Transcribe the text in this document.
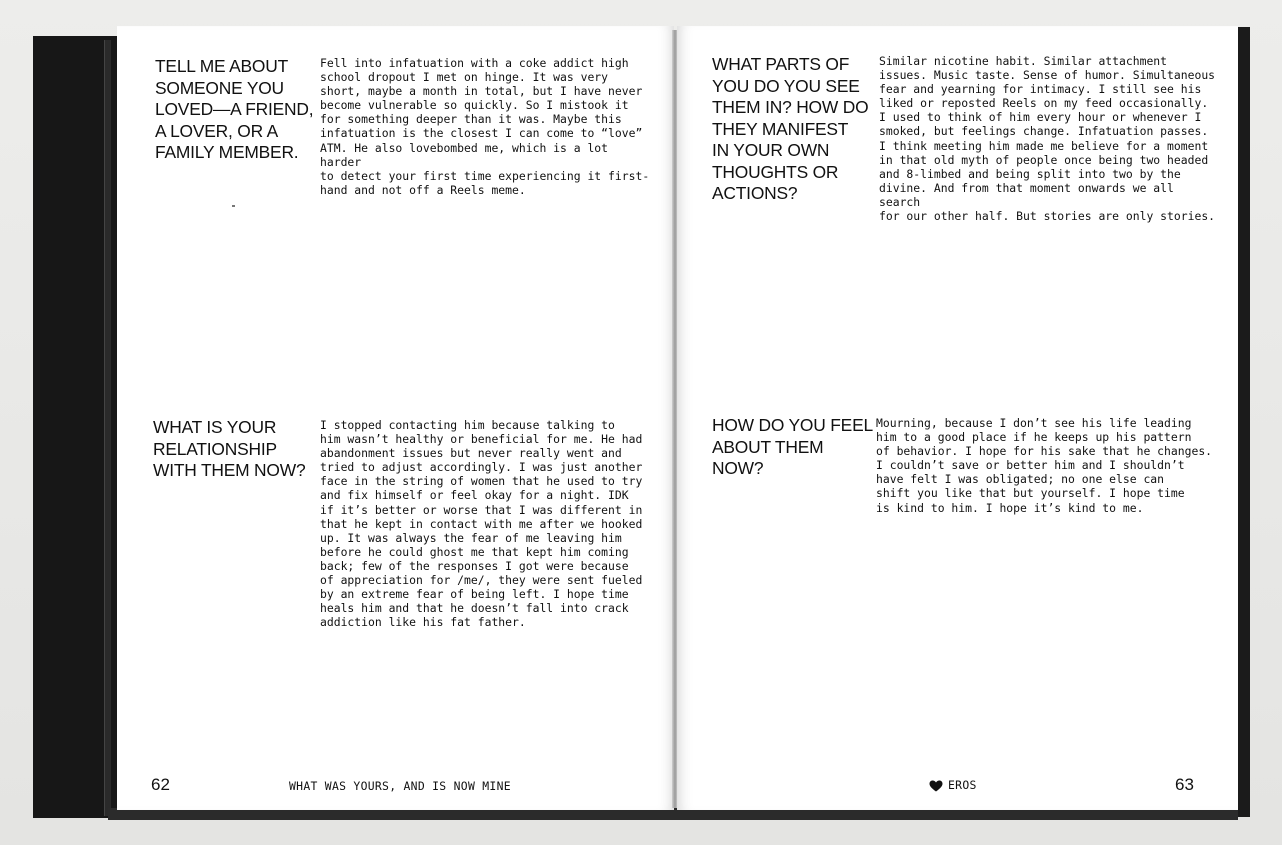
TELL ME ABOUT
SOMEONE YOU
LOVED—A FRIEND,
A LOVER, OR A
FAMILY MEMBER.
Fell into infatuation with a coke addict high
school dropout I met on hinge. It was very
short, maybe a month in total, but I have never
become vulnerable so quickly. So I mistook it
for something deeper than it was. Maybe this
infatuation is the closest I can come to “love”
ATM. He also lovebombed me, which is a lot harder
to detect your first time experiencing it first-
hand and not off a Reels meme.
WHAT IS YOUR
RELATIONSHIP
WITH THEM NOW?
I stopped contacting him because talking to
him wasn’t healthy or beneficial for me. He had
abandonment issues but never really went and
tried to adjust accordingly. I was just another
face in the string of women that he used to try
and fix himself or feel okay for a night. IDK
if it’s better or worse that I was different in
that he kept in contact with me after we hooked
up. It was always the fear of me leaving him
before he could ghost me that kept him coming
back; few of the responses I got were because
of appreciation for /me/, they were sent fueled
by an extreme fear of being left. I hope time
heals him and that he doesn’t fall into crack
addiction like his fat father.
62	WHAT WAS YOURS, AND IS NOW MINE
WHAT PARTS OF
YOU DO YOU SEE
THEM IN? HOW DO
THEY MANIFEST
IN YOUR OWN
THOUGHTS OR
ACTIONS?
Similar nicotine habit. Similar attachment
issues. Music taste. Sense of humor. Simultaneous
fear and yearning for intimacy. I still see his
liked or reposted Reels on my feed occasionally.
I used to think of him every hour or whenever I
smoked, but feelings change. Infatuation passes.
I think meeting him made me believe for a moment
in that old myth of people once being two headed
and 8-limbed and being split into two by the
divine. And from that moment onwards we all search
for our other half. But stories are only stories.
HOW DO YOU FEEL
ABOUT THEM
NOW?
Mourning, because I don’t see his life leading
him to a good place if he keeps up his pattern
of behavior. I hope for his sake that he changes.
I couldn’t save or better him and I shouldn’t
have felt I was obligated; no one else can
shift you like that but yourself. I hope time
is kind to him. I hope it’s kind to me.
EROS	63
